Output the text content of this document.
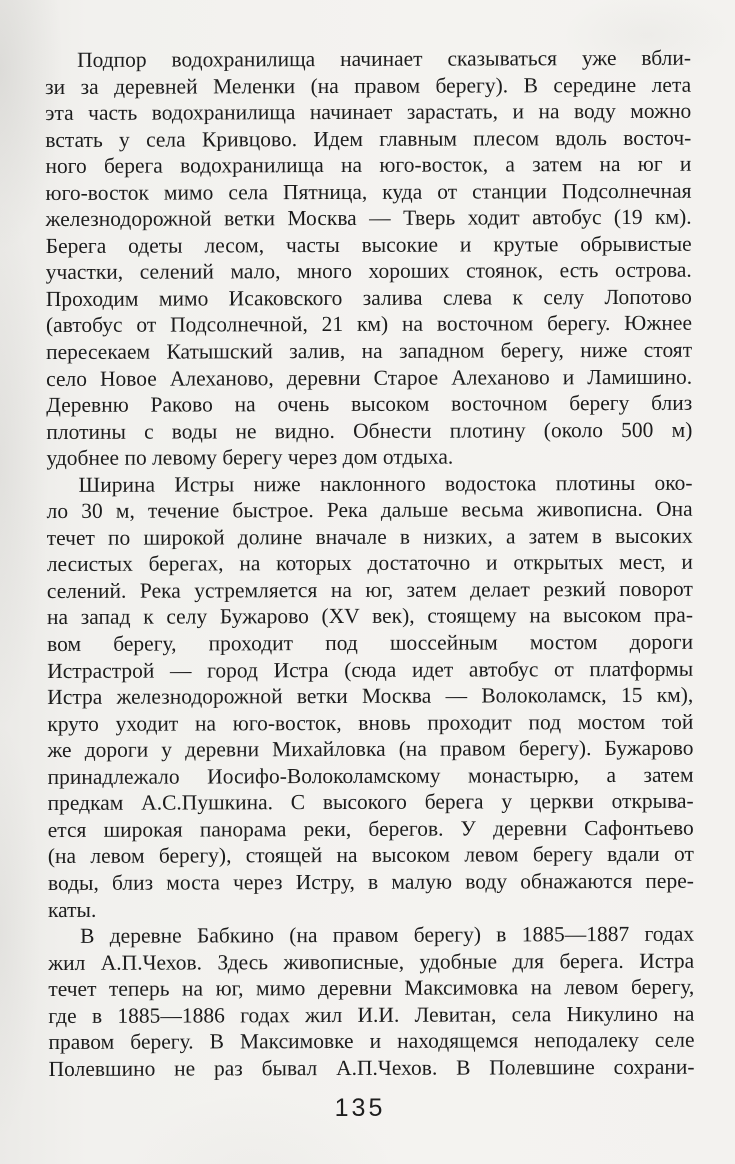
Подпор водохранилища начинает сказываться уже вбли-
зи за деревней Меленки (на правом берегу). В середине лета
эта часть водохранилища начинает зарастать, и на воду можно
встать у села Кривцово. Идем главным плесом вдоль восточ-
ного берега водохранилища на юго-восток, а затем на юг и
юго-восток мимо села Пятница, куда от станции Подсолнечная
железнодорожной ветки Москва — Тверь ходит автобус (19 км).
Берега одеты лесом, часты высокие и крутые обрывистые
участки, селений мало, много хороших стоянок, есть острова.
Проходим мимо Исаковского залива слева к селу Лопотово
(автобус от Подсолнечной, 21 км) на восточном берегу. Южнее
пересекаем Катышский залив, на западном берегу, ниже стоят
село Новое Алеханово, деревни Старое Алеханово и Ламишино.
Деревню Раково на очень высоком восточном берегу близ
плотины с воды не видно. Обнести плотину (около 500 м)
удобнее по левому берегу через дом отдыха.
Ширина Истры ниже наклонного водостока плотины око-
ло 30 м, течение быстрое. Река дальше весьма живописна. Она
течет по широкой долине вначале в низких, а затем в высоких
лесистых берегах, на которых достаточно и открытых мест, и
селений. Река устремляется на юг, затем делает резкий поворот
на запад к селу Бужарово (XV век), стоящему на высоком пра-
вом берегу, проходит под шоссейным мостом дороги
Истрастрой — город Истра (сюда идет автобус от платформы
Истра железнодорожной ветки Москва — Волоколамск, 15 км),
круто уходит на юго-восток, вновь проходит под мостом той
же дороги у деревни Михайловка (на правом берегу). Бужарово
принадлежало Иосифо-Волоколамскому монастырю, а затем
предкам А.С.Пушкина. С высокого берега у церкви открыва-
ется широкая панорама реки, берегов. У деревни Сафонтьево
(на левом берегу), стоящей на высоком левом берегу вдали от
воды, близ моста через Истру, в малую воду обнажаются пере-
каты.
В деревне Бабкино (на правом берегу) в 1885—1887 годах
жил А.П.Чехов. Здесь живописные, удобные для берега. Истра
течет теперь на юг, мимо деревни Максимовка на левом берегу,
где в 1885—1886 годах жил И.И. Левитан, села Никулино на
правом берегу. В Максимовке и находящемся неподалеку селе
Полевшино не раз бывал А.П.Чехов. В Полевшине сохрани-
135
